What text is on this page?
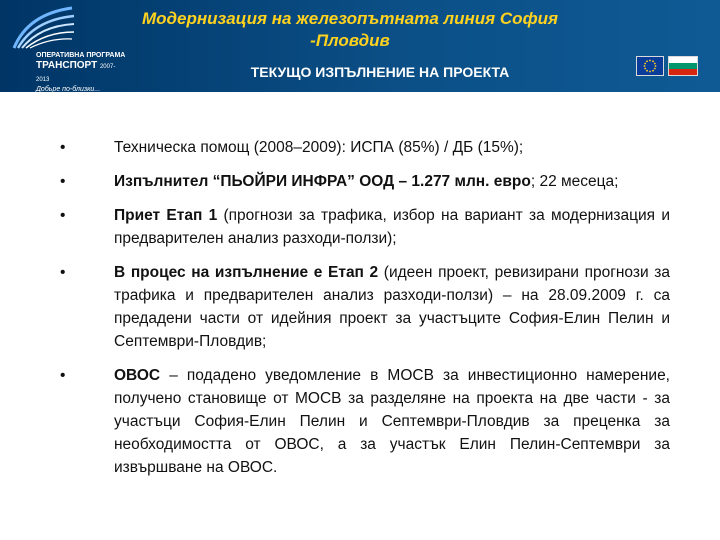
ОПЕРАТИВНА ПРОГРАМА
ТРАНСПОРТ 2007-2013
Добьре по-близки...
Модернизация на железопътната линия София -Пловдив
ТЕКУЩО ИЗПЪЛНЕНИЕ НА ПРОЕКТА
•	Техническа помощ (2008–2009): ИСПА (85%) / ДБ (15%);
•	Изпълнител “ПЬОЙРИ ИНФРА” ООД – 1.277 млн. евро; 22 месеца;
•	Приет Етап 1 (прогнози за трафика, избор на вариант за модернизация и предварителен анализ разходи-ползи);
•	В процес на изпълнение е Етап 2 (идеен проект, ревизирани прогнози за трафика и предварителен анализ разходи-ползи) – на 28.09.2009 г. са предадени части от идейния проект за участъците София-Елин Пелин и Септември-Пловдив;
•	ОВОС – подадено уведомление в МОСВ за инвестиционно намерение, получено становище от МОСВ за разделяне на проекта на две части - за участъци София-Елин Пелин и Септември-Пловдив за преценка за необходимостта от ОВОС, а за участък Елин Пелин-Септември за извършване на ОВОС.
